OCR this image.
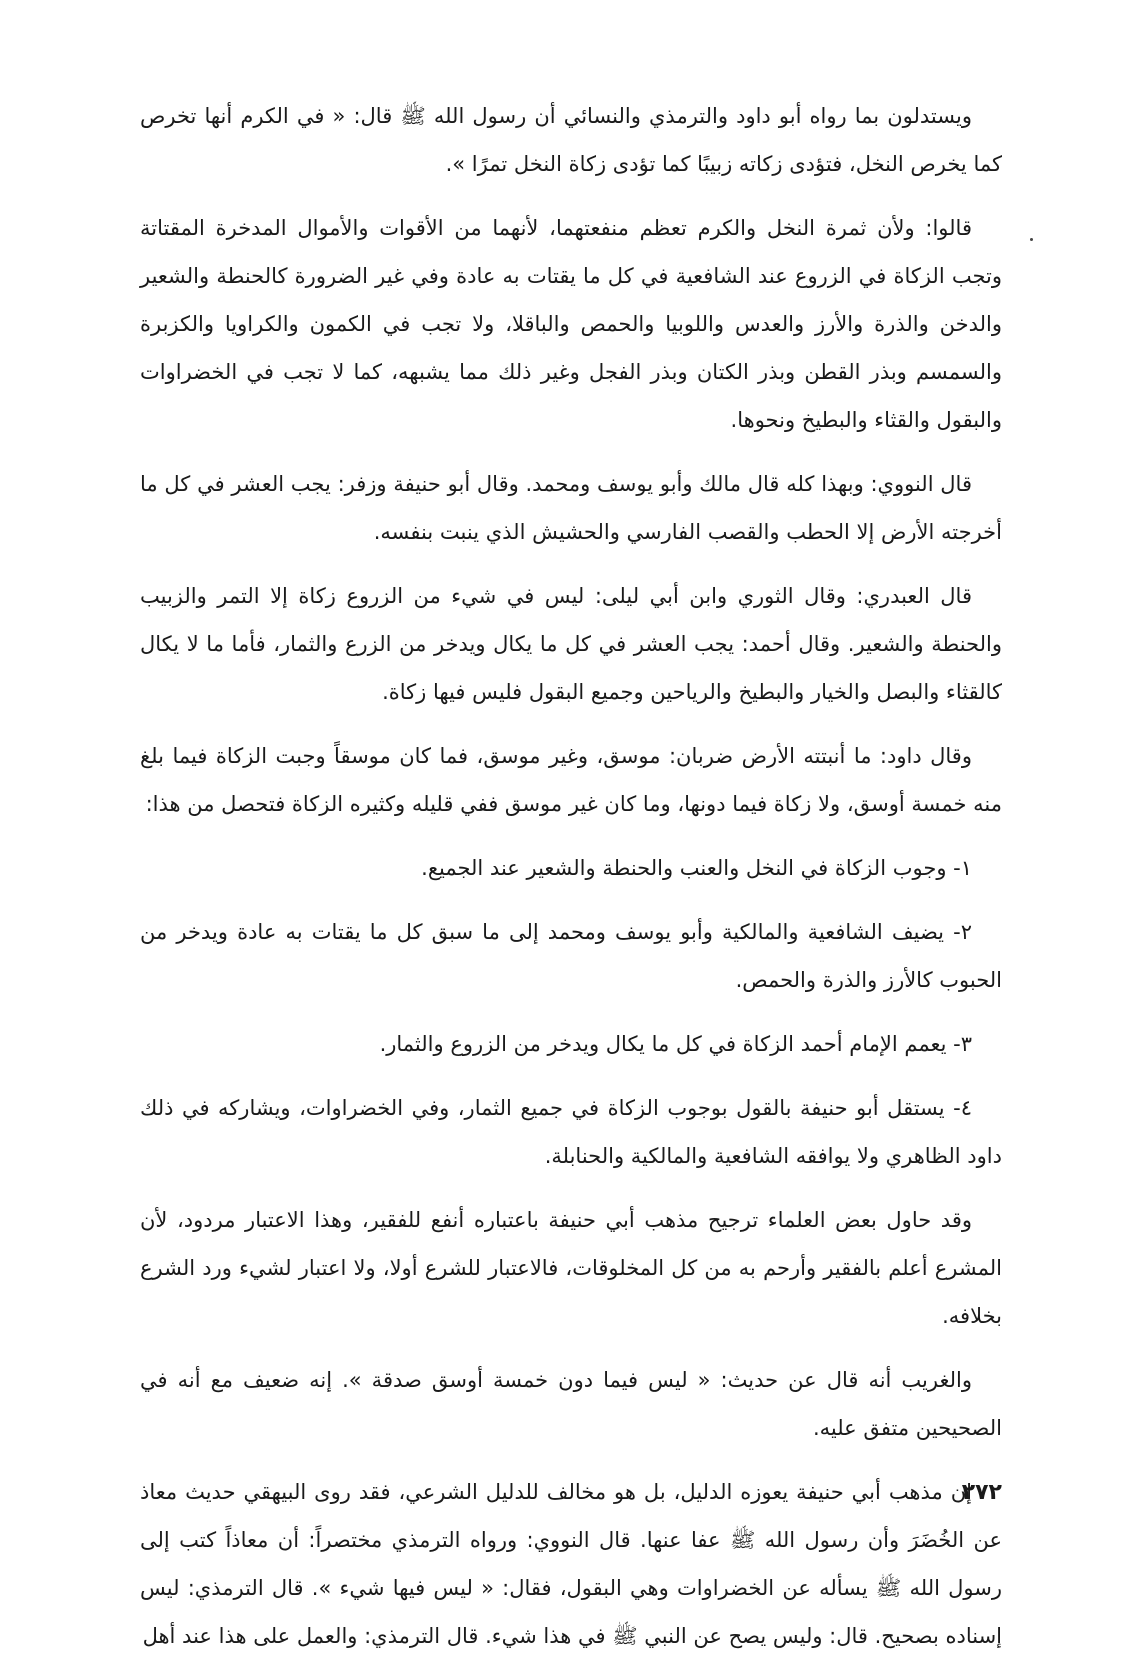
ويستدلون بما رواه أبو داود والترمذي والنسائي أن رسول الله ﷺ قال: « في الكرم أنها تخرص كما يخرص النخل، فتؤدى زكاته زبيبًا كما تؤدى زكاة النخل تمرًا ».

قالوا: ولأن ثمرة النخل والكرم تعظم منفعتهما، لأنهما من الأقوات والأموال المدخرة المقتاتة وتجب الزكاة في الزروع عند الشافعية في كل ما يقتات به عادة وفي غير الضرورة كالحنطة والشعير والدخن والذرة والأرز والعدس واللوبيا والحمص والباقلا، ولا تجب في الكمون والكراويا والكزبرة والسمسم وبذر القطن وبذر الكتان وبذر الفجل وغير ذلك مما يشبهه، كما لا تجب في الخضراوات والبقول والقثاء والبطيخ ونحوها.

قال النووي: وبهذا كله قال مالك وأبو يوسف ومحمد. وقال أبو حنيفة وزفر: يجب العشر في كل ما أخرجته الأرض إلا الحطب والقصب الفارسي والحشيش الذي ينبت بنفسه.

قال العبدري: وقال الثوري وابن أبي ليلى: ليس في شيء من الزروع زكاة إلا التمر والزبيب والحنطة والشعير. وقال أحمد: يجب العشر في كل ما يكال ويدخر من الزرع والثمار، فأما ما لا يكال كالقثاء والبصل والخيار والبطيخ والرياحين وجميع البقول فليس فيها زكاة.

وقال داود: ما أنبتته الأرض ضربان: موسق، وغير موسق، فما كان موسقاً وجبت الزكاة فيما بلغ منه خمسة أوسق، ولا زكاة فيما دونها، وما كان غير موسق ففي قليله وكثيره الزكاة فتحصل من هذا:

١- وجوب الزكاة في النخل والعنب والحنطة والشعير عند الجميع.

٢- يضيف الشافعية والمالكية وأبو يوسف ومحمد إلى ما سبق كل ما يقتات به عادة ويدخر من الحبوب كالأرز والذرة والحمص.

٣- يعمم الإمام أحمد الزكاة في كل ما يكال ويدخر من الزروع والثمار.

٤- يستقل أبو حنيفة بالقول بوجوب الزكاة في جميع الثمار، وفي الخضراوات، ويشاركه في ذلك داود الظاهري ولا يوافقه الشافعية والمالكية والحنابلة.

وقد حاول بعض العلماء ترجيح مذهب أبي حنيفة باعتباره أنفع للفقير، وهذا الاعتبار مردود، لأن المشرع أعلم بالفقير وأرحم به من كل المخلوقات، فالاعتبار للشرع أولا، ولا اعتبار لشيء ورد الشرع بخلافه.

والغريب أنه قال عن حديث: « ليس فيما دون خمسة أوسق صدقة ». إنه ضعيف مع أنه في الصحيحين متفق عليه.

إن مذهب أبي حنيفة يعوزه الدليل، بل هو مخالف للدليل الشرعي، فقد روى البيهقي حديث معاذ عن الخُضَرَ وأن رسول الله ﷺ عفا عنها. قال النووي: ورواه الترمذي مختصراً: أن معاذاً كتب إلى رسول الله ﷺ يسأله عن الخضراوات وهي البقول، فقال: « ليس فيها شيء ». قال الترمذي: ليس إسناده بصحيح. قال: وليس يصح عن النبي ﷺ في هذا شيء. قال الترمذي: والعمل على هذا عند أهل

٢٧٢
